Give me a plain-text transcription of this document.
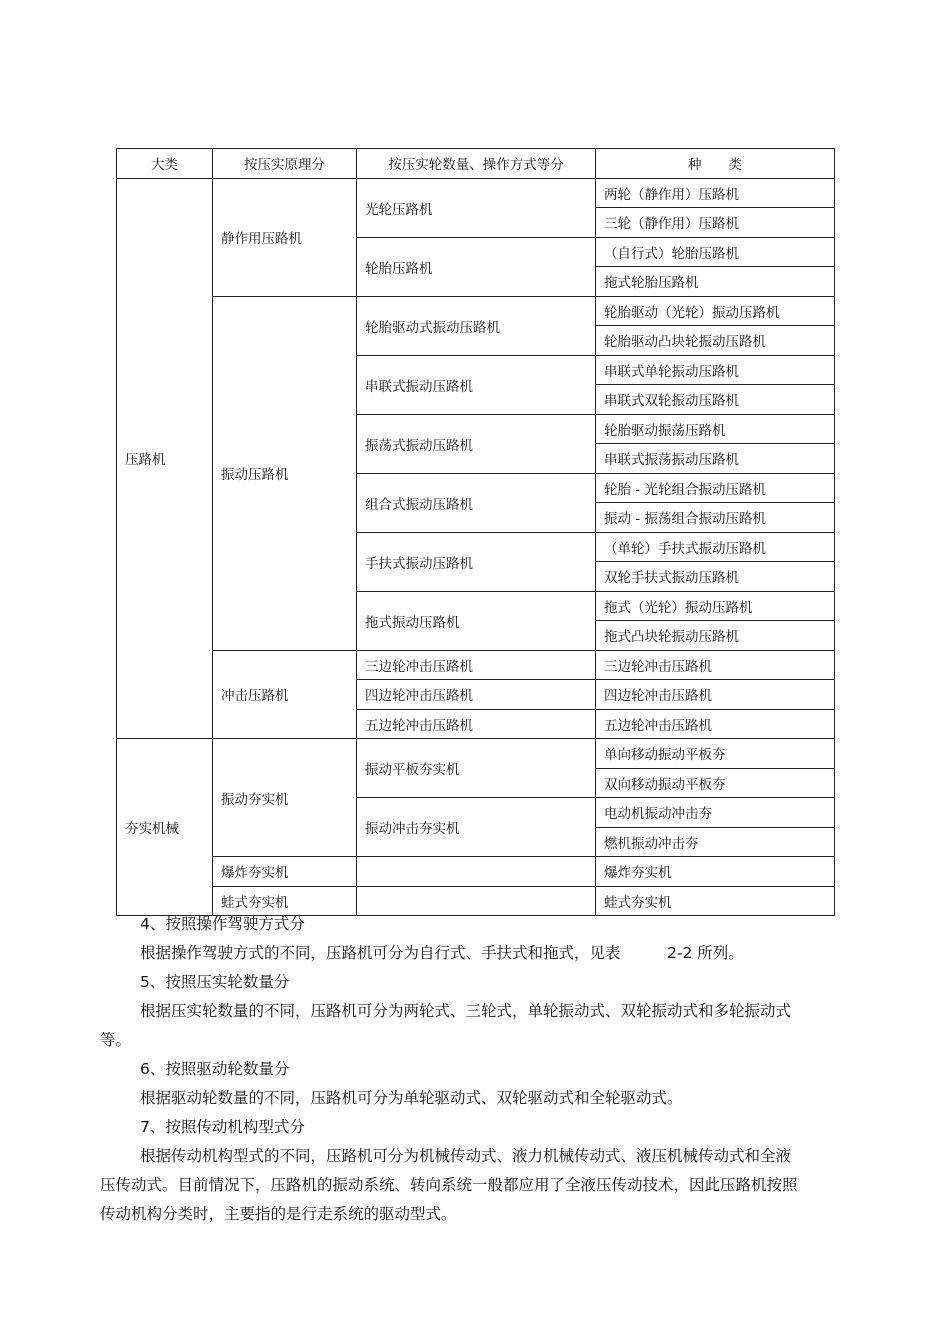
大类	按压实原理分	按压实轮数量、操作方式等分	种　　类
压路机	静作用压路机	光轮压路机	两轮（静作用）压路机
			三轮（静作用）压路机
		轮胎压路机	（自行式）轮胎压路机
			拖式轮胎压路机
	振动压路机	轮胎驱动式振动压路机	轮胎驱动（光轮）振动压路机
			轮胎驱动凸块轮振动压路机
		串联式振动压路机	串联式单轮振动压路机
			串联式双轮振动压路机
		振荡式振动压路机	轮胎驱动振荡压路机
			串联式振荡振动压路机
		组合式振动压路机	轮胎 - 光轮组合振动压路机
			振动 - 振荡组合振动压路机
		手扶式振动压路机	（单轮）手扶式振动压路机
			双轮手扶式振动压路机
		拖式振动压路机	拖式（光轮）振动压路机
			拖式凸块轮振动压路机
	冲击压路机	三边轮冲击压路机	三边轮冲击压路机
		四边轮冲击压路机	四边轮冲击压路机
		五边轮冲击压路机	五边轮冲击压路机
夯实机械	振动夯实机	振动平板夯实机	单向移动振动平板夯
			双向移动振动平板夯
		振动冲击夯实机	电动机振动冲击夯
			燃机振动冲击夯
	爆炸夯实机		爆炸夯实机
	蛙式夯实机		蛙式夯实机

4、按照操作驾驶方式分

根据操作驾驶方式的不同，压路机可分为自行式、手扶式和拖式，见表　　　2-2 所列。

5、按照压实轮数量分

根据压实轮数量的不同，压路机可分为两轮式、三轮式，单轮振动式、双轮振动式和多轮振动式等。

6、按照驱动轮数量分

根据驱动轮数量的不同，压路机可分为单轮驱动式、双轮驱动式和全轮驱动式。

7、按照传动机构型式分

根据传动机构型式的不同，压路机可分为机械传动式、液力机械传动式、液压机械传动式和全液压传动式。目前情况下，压路机的振动系统、转向系统一般都应用了全液压传动技术，因此压路机按照传动机构分类时，主要指的是行走系统的驱动型式。
